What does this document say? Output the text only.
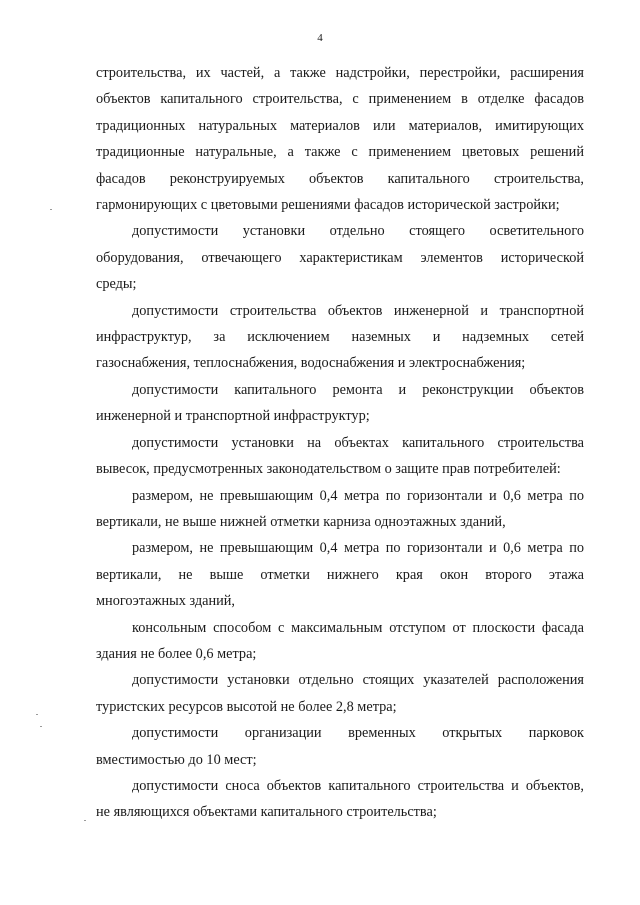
4
строительства, их частей, а также надстройки, перестройки, расширения
объектов капитального строительства, с применением в отделке фасадов
традиционных натуральных материалов или материалов, имитирующих
традиционные натуральные, а также с применением цветовых решений
фасадов реконструируемых объектов капитального строительства,
гармонирующих с цветовыми решениями фасадов исторической застройки;
допустимости установки отдельно стоящего осветительного
оборудования, отвечающего характеристикам элементов исторической
среды;
допустимости строительства объектов инженерной и транспортной
инфраструктур, за исключением наземных и надземных сетей
газоснабжения, теплоснабжения, водоснабжения и электроснабжения;
допустимости капитального ремонта и реконструкции объектов
инженерной и транспортной инфраструктур;
допустимости установки на объектах капитального строительства
вывесок, предусмотренных законодательством о защите прав потребителей:
размером, не превышающим 0,4 метра по горизонтали и 0,6 метра по
вертикали, не выше нижней отметки карниза одноэтажных зданий,
размером, не превышающим 0,4 метра по горизонтали и 0,6 метра по
вертикали, не выше отметки нижнего края окон второго этажа
многоэтажных зданий,
консольным способом с максимальным отступом от плоскости фасада
здания не более 0,6 метра;
допустимости установки отдельно стоящих указателей расположения
туристских ресурсов высотой не более 2,8 метра;
допустимости организации временных открытых парковок
вместимостью до 10 мест;
допустимости сноса объектов капитального строительства и объектов,
не являющихся объектами капитального строительства;
